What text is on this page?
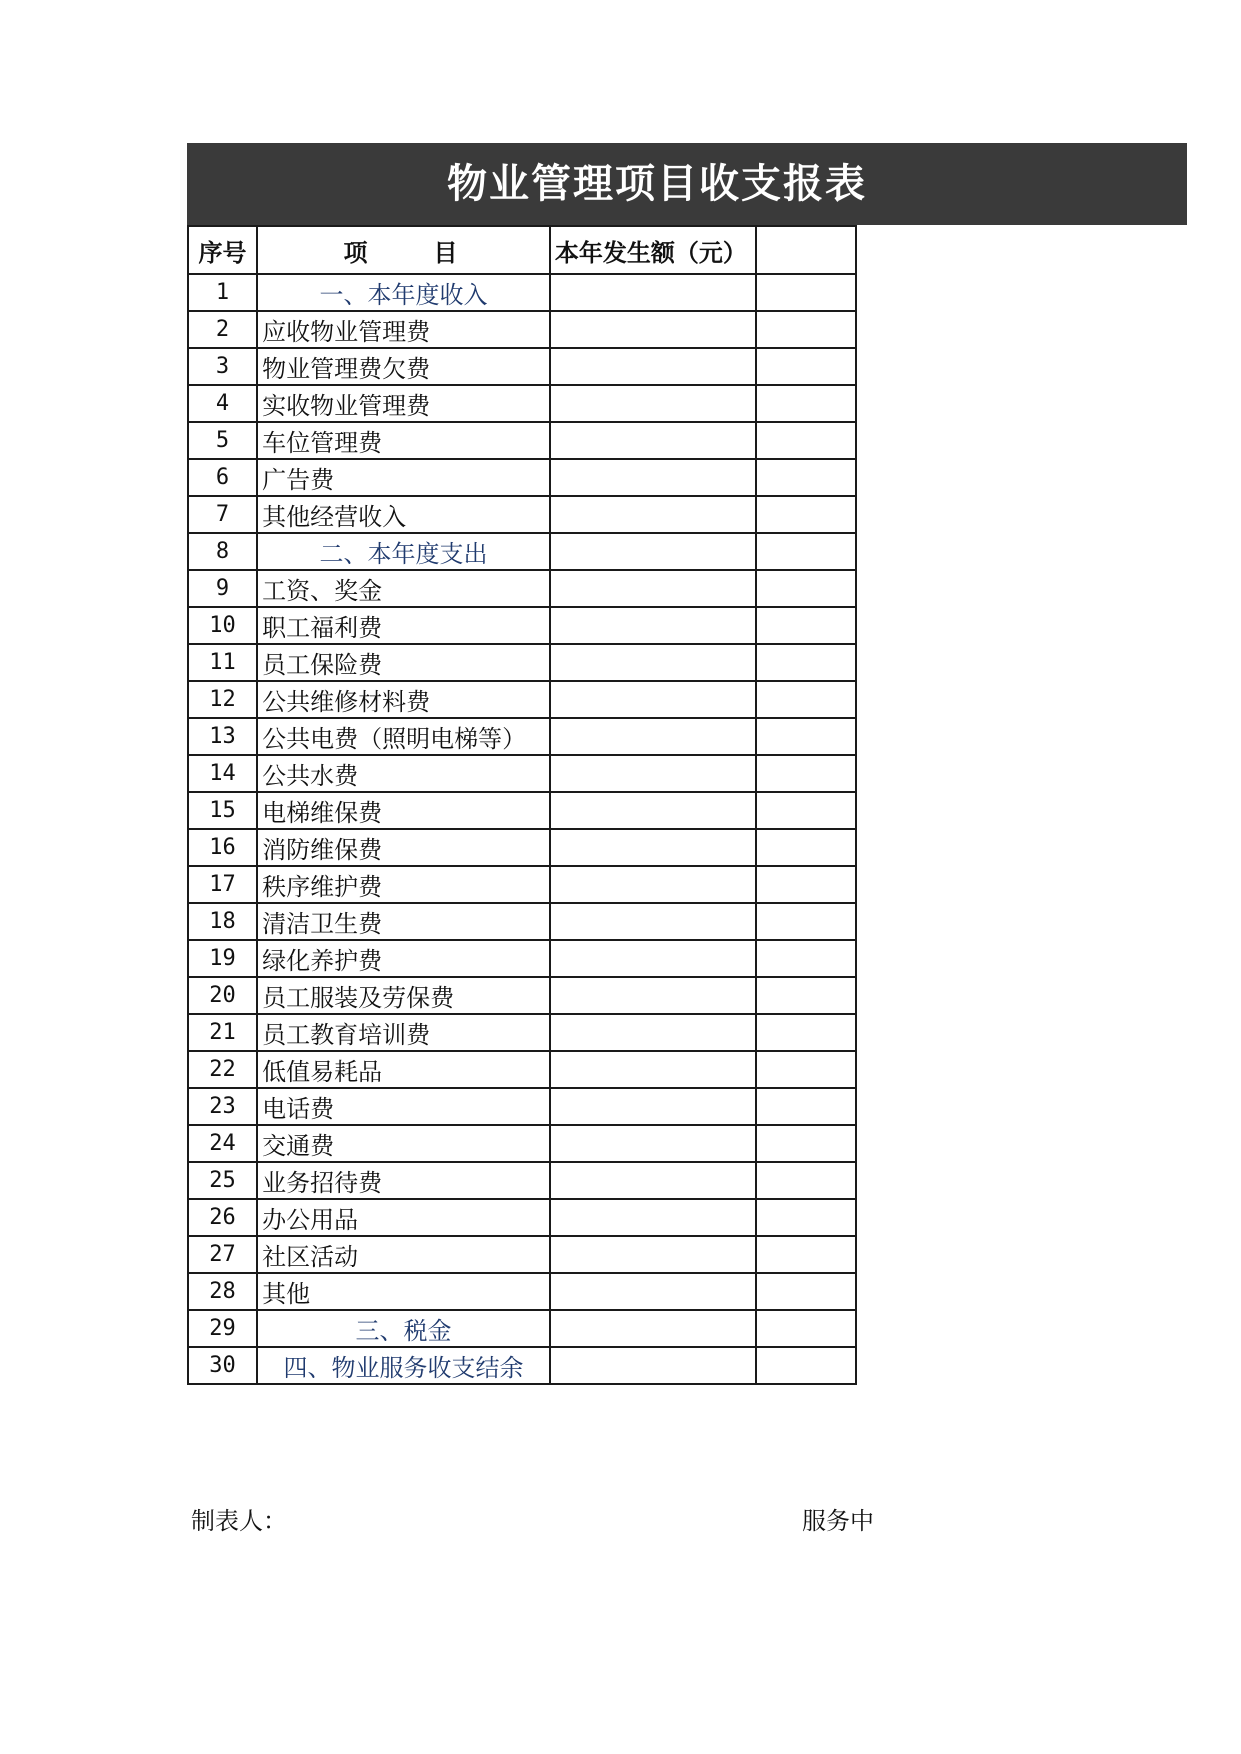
物业管理项目收支报表
序号	项　　目	本年发生额（元）	
1	一、本年度收入		
2	应收物业管理费		
3	物业管理费欠费		
4	实收物业管理费		
5	车位管理费		
6	广告费		
7	其他经营收入		
8	二、本年度支出		
9	工资、奖金		
10	职工福利费		
11	员工保险费		
12	公共维修材料费		
13	公共电费（照明电梯等）		
14	公共水费		
15	电梯维保费		
16	消防维保费		
17	秩序维护费		
18	清洁卫生费		
19	绿化养护费		
20	员工服装及劳保费		
21	员工教育培训费		
22	低值易耗品		
23	电话费		
24	交通费		
25	业务招待费		
26	办公用品		
27	社区活动		
28	其他		
29	三、税金		
30	四、物业服务收支结余		
制表人：	服务中
